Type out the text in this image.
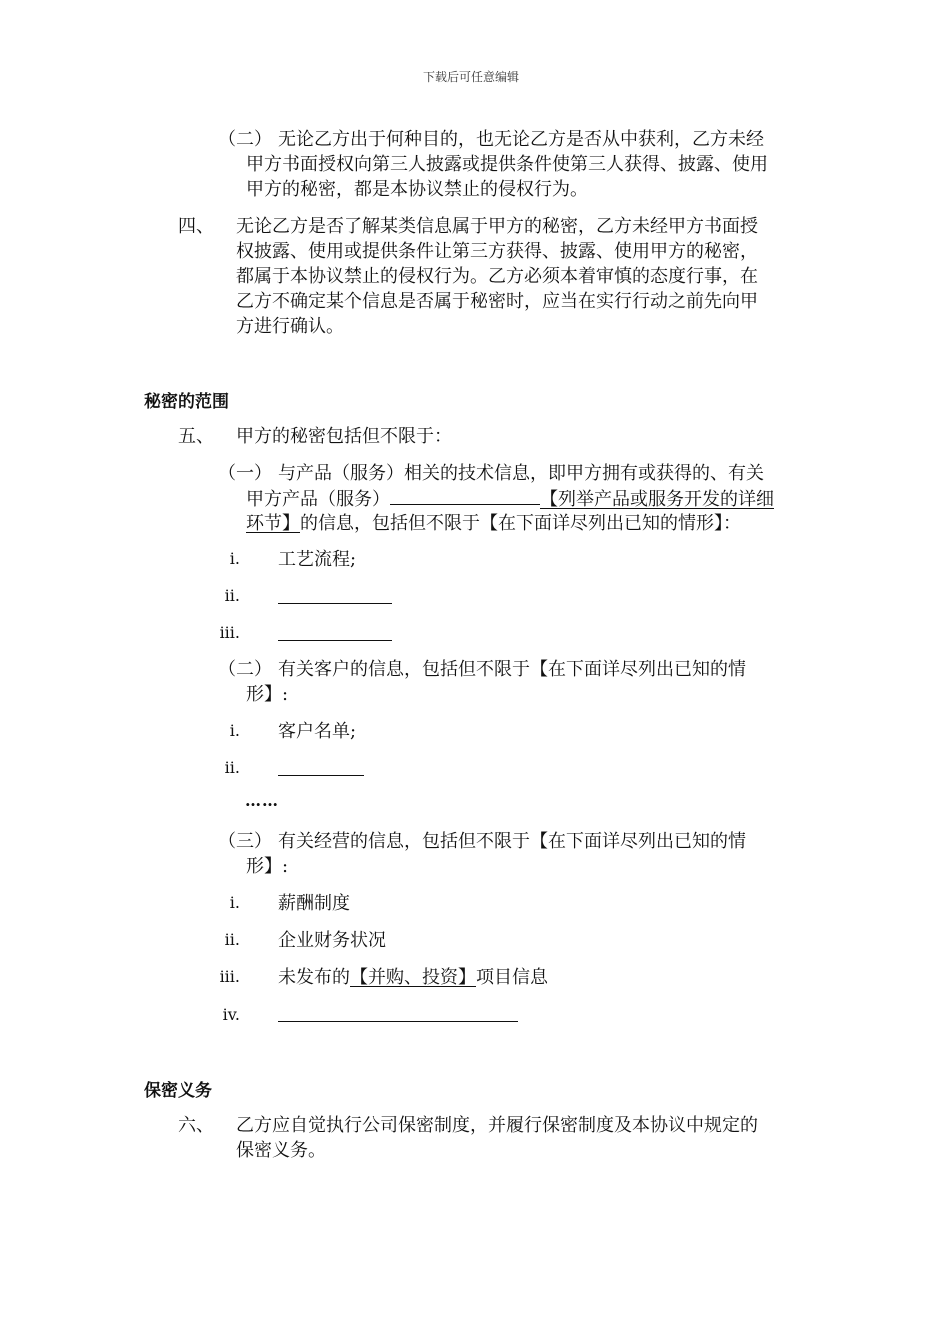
下载后可任意编辑
（二） 无论乙方出于何种目的，也无论乙方是否从中获利，乙方未经
甲方书面授权向第三人披露或提供条件使第三人获得、披露、使用
甲方的秘密，都是本协议禁止的侵权行为。
四、 无论乙方是否了解某类信息属于甲方的秘密，乙方未经甲方书面授
权披露、使用或提供条件让第三方获得、披露、使用甲方的秘密，
都属于本协议禁止的侵权行为。乙方必须本着审慎的态度行事，在
乙方不确定某个信息是否属于秘密时，应当在实行行动之前先向甲
方进行确认。
秘密的范围
五、 甲方的秘密包括但不限于：
（一） 与产品（服务）相关的技术信息，即甲方拥有或获得的、有关
甲方产品（服务）	【列举产品或服务开发的详细
环节】的信息，包括但不限于【在下面详尽列出已知的情形】：
i. 工艺流程;
ii.
iii.
（二） 有关客户的信息，包括但不限于【在下面详尽列出已知的情
形】:
i. 客户名单;
ii.
……
（三） 有关经营的信息，包括但不限于【在下面详尽列出已知的情
形】:
i. 薪酬制度
ii. 企业财务状况
iii. 未发布的【并购、投资】项目信息
iv.
保密义务
六、 乙方应自觉执行公司保密制度，并履行保密制度及本协议中规定的
保密义务。
